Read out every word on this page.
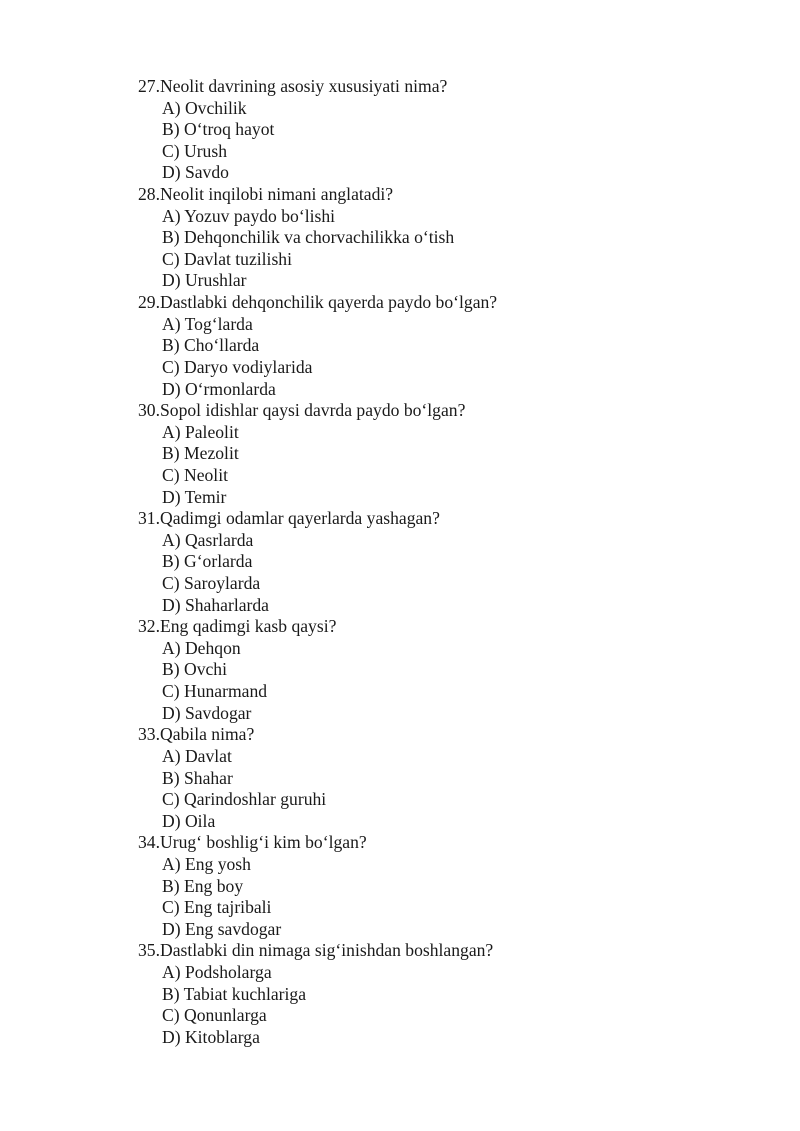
27.Neolit davrining asosiy xususiyati nima?
A) Ovchilik
B) O‘troq hayot
C) Urush
D) Savdo
28.Neolit inqilobi nimani anglatadi?
A) Yozuv paydo bo‘lishi
B) Dehqonchilik va chorvachilikka o‘tish
C) Davlat tuzilishi
D) Urushlar
29.Dastlabki dehqonchilik qayerda paydo bo‘lgan?
A) Tog‘larda
B) Cho‘llarda
C) Daryo vodiylarida
D) O‘rmonlarda
30.Sopol idishlar qaysi davrda paydo bo‘lgan?
A) Paleolit
B) Mezolit
C) Neolit
D) Temir
31.Qadimgi odamlar qayerlarda yashagan?
A) Qasrlarda
B) G‘orlarda
C) Saroylarda
D) Shaharlarda
32.Eng qadimgi kasb qaysi?
A) Dehqon
B) Ovchi
C) Hunarmand
D) Savdogar
33.Qabila nima?
A) Davlat
B) Shahar
C) Qarindoshlar guruhi
D) Oila
34.Urug‘ boshlig‘i kim bo‘lgan?
A) Eng yosh
B) Eng boy
C) Eng tajribali
D) Eng savdogar
35.Dastlabki din nimaga sig‘inishdan boshlangan?
A) Podsholarga
B) Tabiat kuchlariga
C) Qonunlarga
D) Kitoblarga
